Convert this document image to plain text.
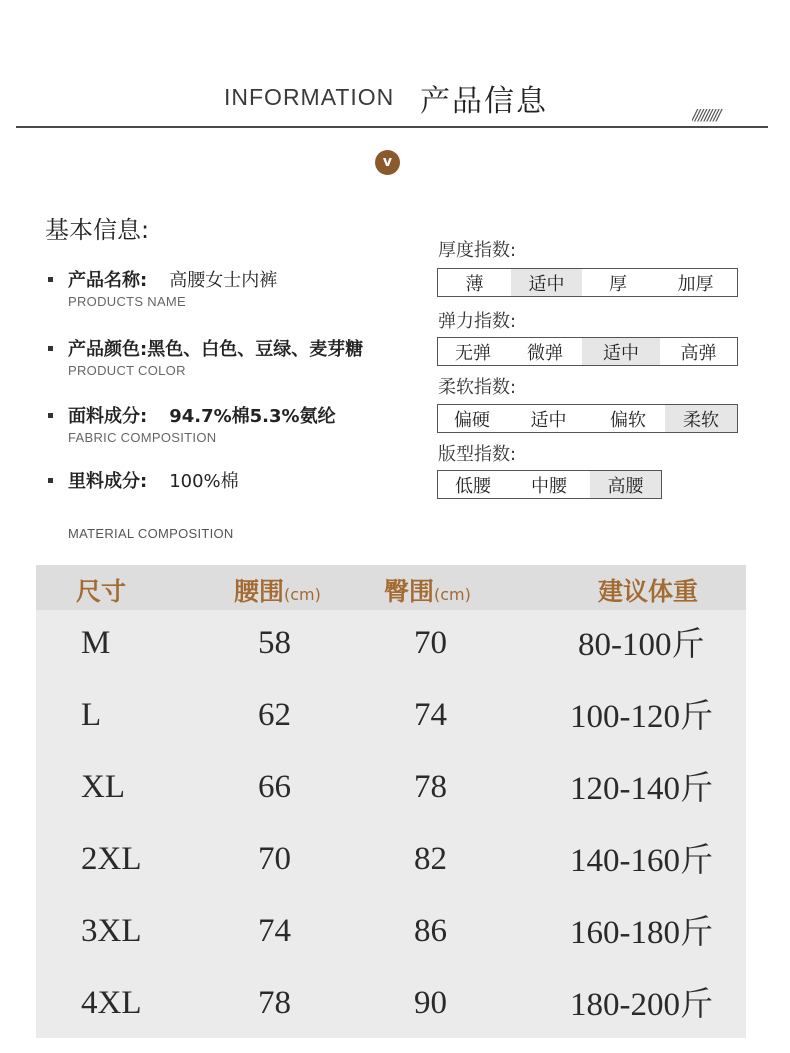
INFORMATION 产品信息	/////////
v
基本信息:
产品名称: 高腰女士内裤
PRODUCTS NAME
产品颜色:黑色、白色、豆绿、麦芽糖
PRODUCT COLOR
面料成分: 94.7%棉5.3%氨纶
FABRIC COMPOSITION
里料成分: 100%棉
MATERIAL COMPOSITION
厚度指数:
薄	适中	厚	加厚
弹力指数:
无弹	微弹	适中	高弹
柔软指数:
偏硬	适中	偏软	柔软
版型指数:
低腰	中腰	高腰
尺寸	腰围(cm)	臀围(cm)	建议体重
M	58	70	80-100斤
L	62	74	100-120斤
XL	66	78	120-140斤
2XL	70	82	140-160斤
3XL	74	86	160-180斤
4XL	78	90	180-200斤
